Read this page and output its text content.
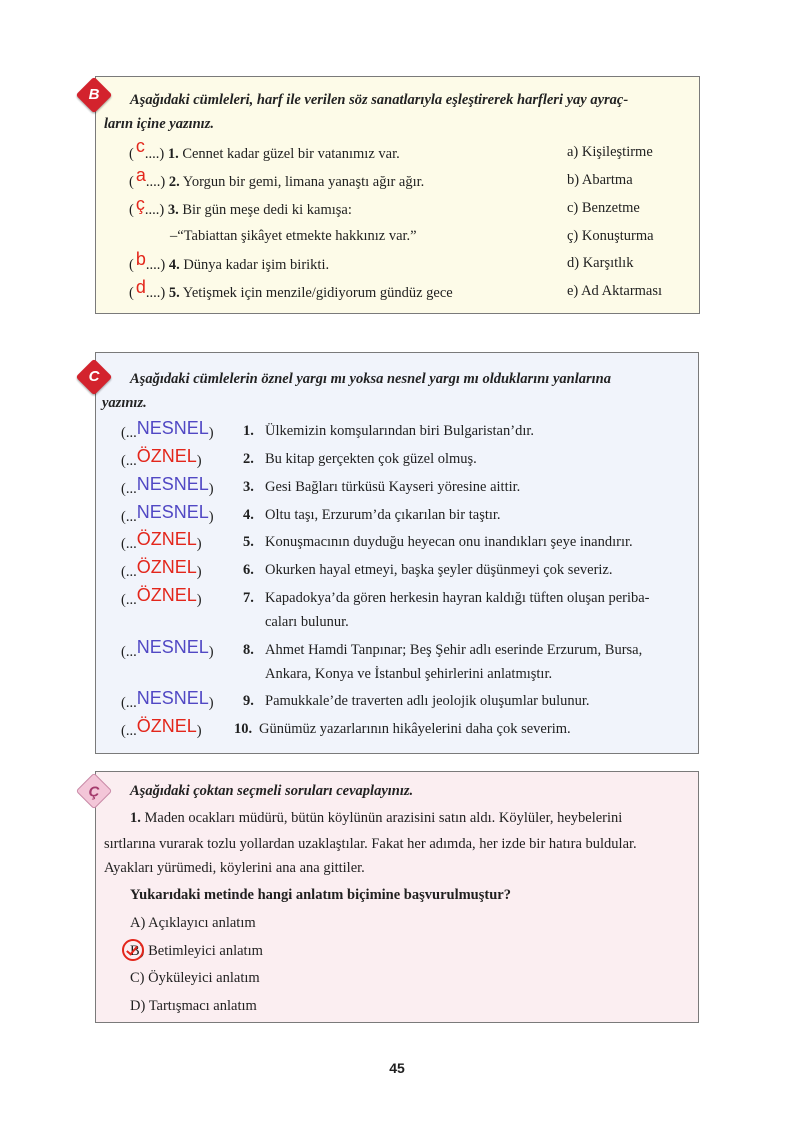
B	Aşağıdaki cümleleri, harf ile verilen söz sanatlarıyla eşleştirerek harfleri yay ayraç-
ların içine yazınız.
( c....) 1. Cennet kadar güzel bir vatanımız var.	a) Kişileştirme
( a....) 2. Yorgun bir gemi, limana yanaştı ağır ağır.	b) Abartma
( ç....) 3. Bir gün meşe dedi ki kamışa:	c) Benzetme
–“Tabiattan şikâyet etmekte hakkınız var.”	ç) Konuşturma
( b....) 4. Dünya kadar işim birikti.	d) Karşıtlık
( d....) 5. Yetişmek için menzile/gidiyorum gündüz gece	e) Ad Aktarması
C	Aşağıdaki cümlelerin öznel yargı mı yoksa nesnel yargı mı olduklarını yanlarına
yazınız.
(...NESNEL) 1. Ülkemizin komşularından biri Bulgaristan’dır.
(...ÖZNEL)	2. Bu kitap gerçekten çok güzel olmuş.
(...NESNEL) 3. Gesi Bağları türküsü Kayseri yöresine aittir.
(...NESNEL) 4. Oltu taşı, Erzurum’da çıkarılan bir taştır.
(...ÖZNEL)	5. Konuşmacının duyduğu heyecan onu inandıkları şeye inandırır.
(...ÖZNEL)	6. Okurken hayal etmeyi, başka şeyler düşünmeyi çok severiz.
(...ÖZNEL)	7. Kapadokya’da gören herkesin hayran kaldığı tüften oluşan periba-
caları bulunur.
(...NESNEL) 8. Ahmet Hamdi Tanpınar; Beş Şehir adlı eserinde Erzurum, Bursa,
Ankara, Konya ve İstanbul şehirlerini anlatmıştır.
(...NESNEL) 9. Pamukkale’de traverten adlı jeolojik oluşumlar bulunur.
(...ÖZNEL) 10. Günümüz yazarlarının hikâyelerini daha çok severim.
Ç	Aşağıdaki çoktan seçmeli soruları cevaplayınız.
1. Maden ocakları müdürü, bütün köylünün arazisini satın aldı. Köylüler, heybelerini
sırtlarına vurarak tozlu yollardan uzaklaştılar. Fakat her adımda, her izde bir hatıra buldular.
Ayakları yürümedi, köylerini ana ana gittiler.
Yukarıdaki metinde hangi anlatım biçimine başvurulmuştur?
A) Açıklayıcı anlatım
B) Betimleyici anlatım
C) Öyküleyici anlatım
D) Tartışmacı anlatım
45
